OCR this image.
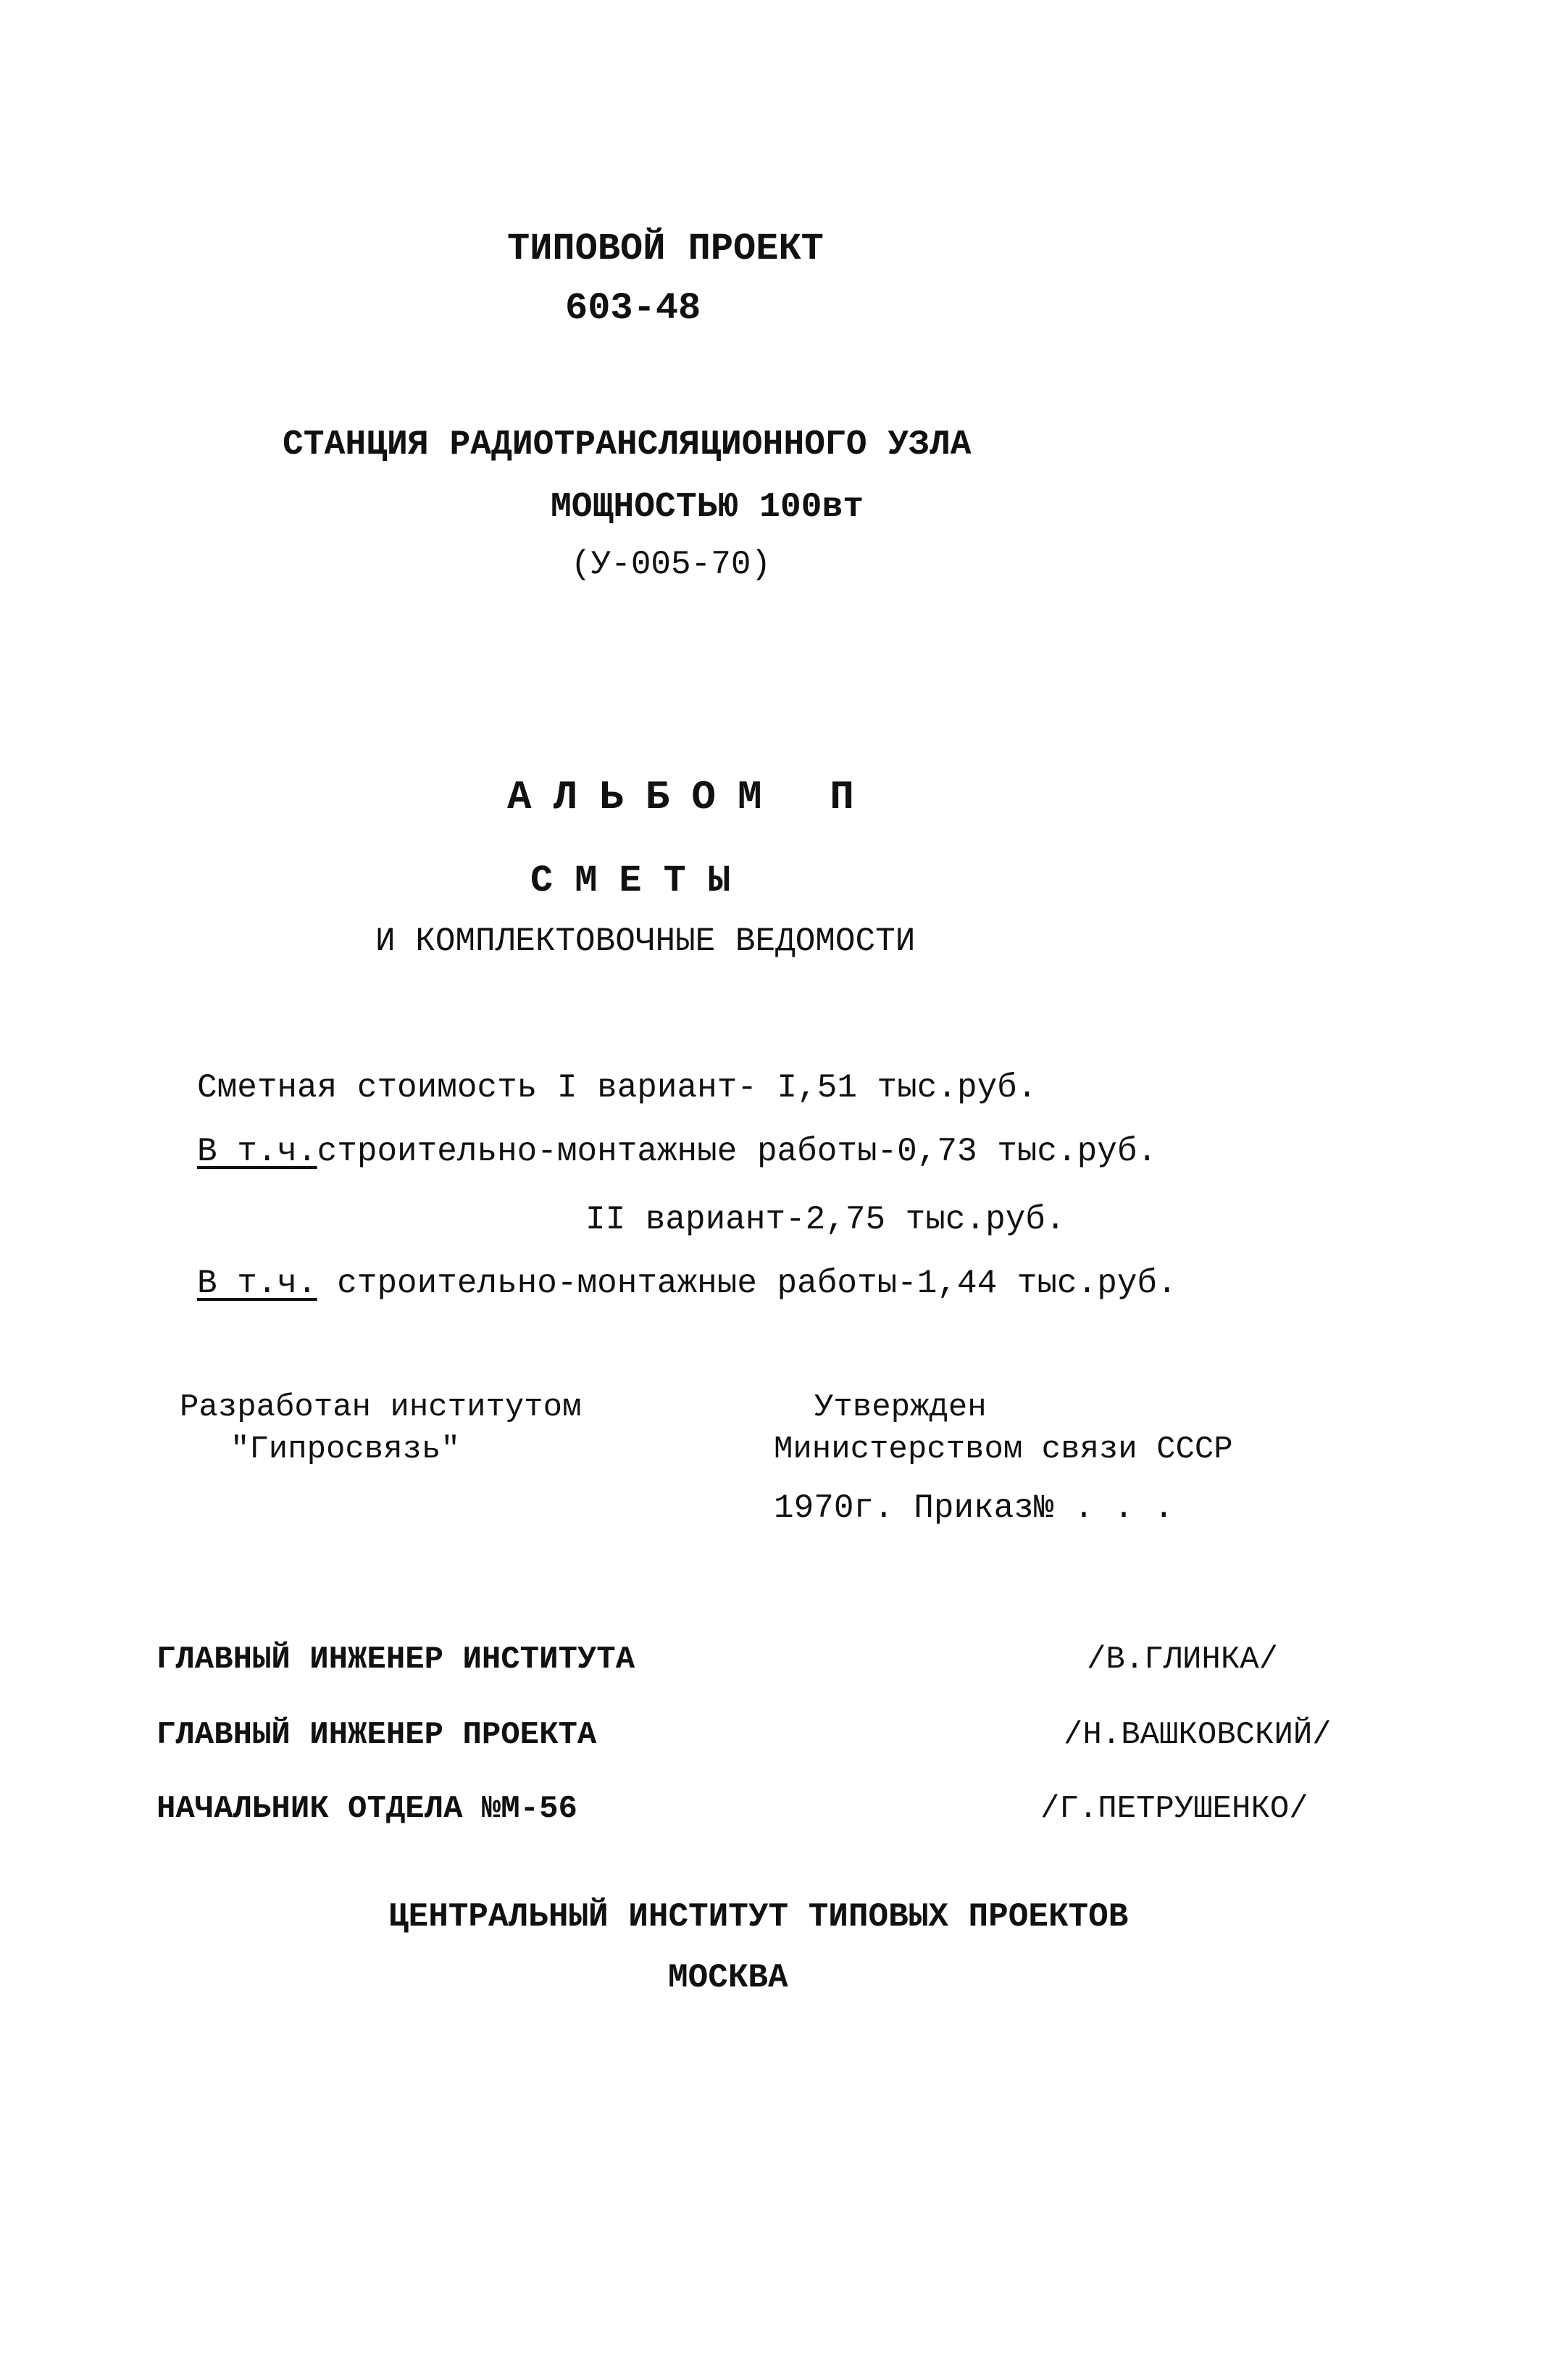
ТИПОВОЙ ПРОЕКТ
603-48
СТАНЦИЯ РАДИОТРАНСЛЯЦИОННОГО УЗЛА
МОЩНОСТЬЮ 100вт
(У-005-70)
АЛЬБОМ П
СМЕТЫ
И КОМПЛЕКТОВОЧНЫЕ ВЕДОМОСТИ
Сметная стоимость I вариант- I,51 тыс.руб.
В т.ч.строительно-монтажные работы-0,73 тыс.руб.
II вариант-2,75 тыс.руб.
В т.ч. строительно-монтажные работы-1,44 тыс.руб.
Разработан институтом
"Гипросвязь"
Утвержден
Министерством связи СССР
1970г. Приказ№ . . .
ГЛАВНЫЙ ИНЖЕНЕР ИНСТИТУТА	/В.ГЛИНКА/
ГЛАВНЫЙ ИНЖЕНЕР ПРОЕКТА	/Н.ВАШКОВСКИЙ/
НАЧАЛЬНИК ОТДЕЛА №М-56	/Г.ПЕТРУШЕНКО/
ЦЕНТРАЛЬНЫЙ ИНСТИТУТ ТИПОВЫХ ПРОЕКТОВ
МОСКВА
